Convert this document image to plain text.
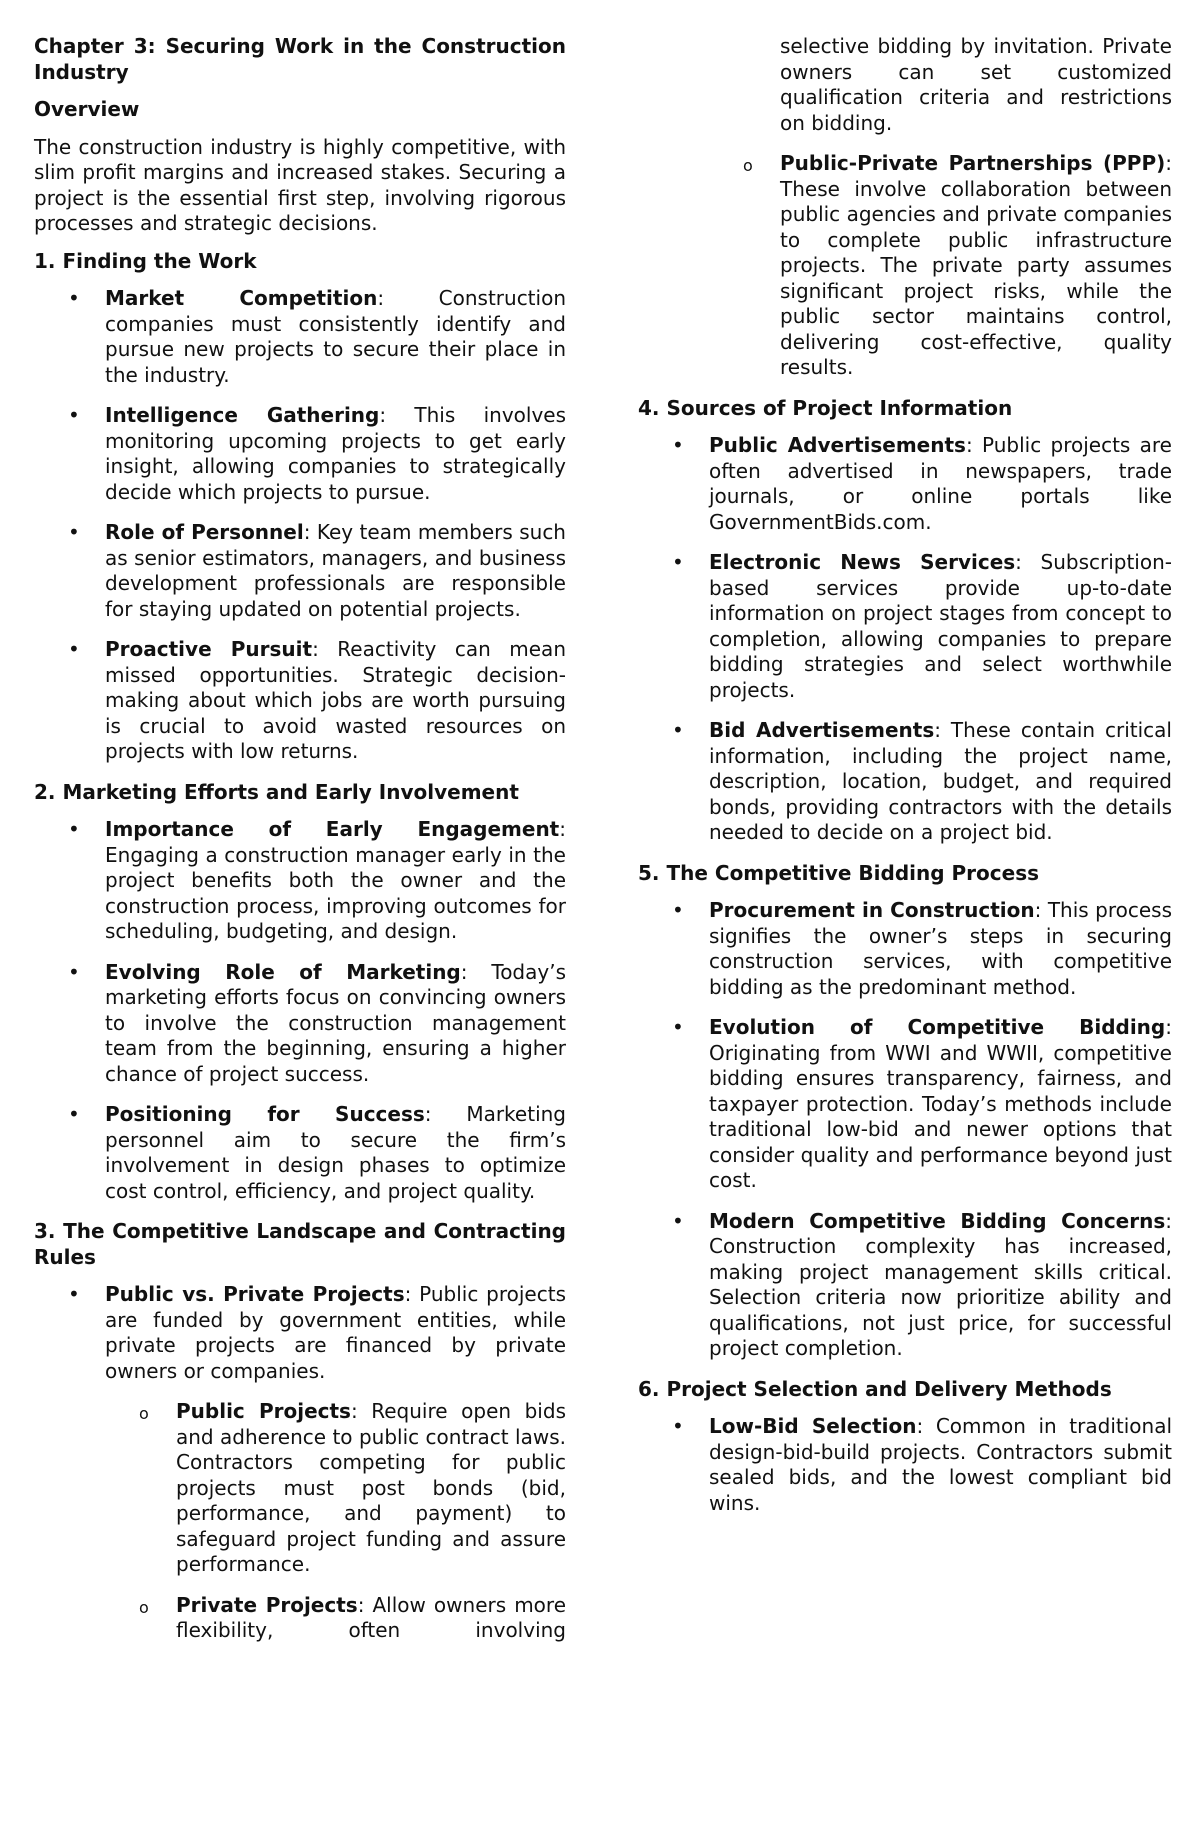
Chapter 3: Securing Work in the Construction Industry
Overview

The construction industry is highly competitive, with slim profit margins and increased stakes. Securing a project is the essential first step, involving rigorous processes and strategic decisions.

1. Finding the Work
• Market Competition: Construction companies must consistently identify and pursue new projects to secure their place in the industry.
• Intelligence Gathering: This involves monitoring upcoming projects to get early insight, allowing companies to strategically decide which projects to pursue.
• Role of Personnel: Key team members such as senior estimators, managers, and business development professionals are responsible for staying updated on potential projects.
• Proactive Pursuit: Reactivity can mean missed opportunities. Strategic decision-making about which jobs are worth pursuing is crucial to avoid wasted resources on projects with low returns.
2. Marketing Efforts and Early Involvement
• Importance of Early Engagement: Engaging a construction manager early in the project benefits both the owner and the construction process, improving outcomes for scheduling, budgeting, and design.
• Evolving Role of Marketing: Today’s marketing efforts focus on convincing owners to involve the construction management team from the beginning, ensuring a higher chance of project success.
• Positioning for Success: Marketing personnel aim to secure the firm’s involvement in design phases to optimize cost control, efficiency, and project quality.
3. The Competitive Landscape and Contracting Rules
• Public vs. Private Projects: Public projects are funded by government entities, while private projects are financed by private owners or companies.
o Public Projects: Require open bids and adherence to public contract laws. Contractors competing for public projects must post bonds (bid, performance, and payment) to safeguard project funding and assure performance.
o Private Projects: Allow owners more flexibility, often involving
selective bidding by invitation. Private owners can set customized qualification criteria and restrictions on bidding.
o Public-Private Partnerships (PPP): These involve collaboration between public agencies and private companies to complete public infrastructure projects. The private party assumes significant project risks, while the public sector maintains control, delivering cost-effective, quality results.
4. Sources of Project Information
• Public Advertisements: Public projects are often advertised in newspapers, trade journals, or online portals like GovernmentBids.com.
• Electronic News Services: Subscription-based services provide up-to-date information on project stages from concept to completion, allowing companies to prepare bidding strategies and select worthwhile projects.
• Bid Advertisements: These contain critical information, including the project name, description, location, budget, and required bonds, providing contractors with the details needed to decide on a project bid.
5. The Competitive Bidding Process
• Procurement in Construction: This process signifies the owner’s steps in securing construction services, with competitive bidding as the predominant method.
• Evolution of Competitive Bidding: Originating from WWI and WWII, competitive bidding ensures transparency, fairness, and taxpayer protection. Today’s methods include traditional low-bid and newer options that consider quality and performance beyond just cost.
• Modern Competitive Bidding Concerns: Construction complexity has increased, making project management skills critical. Selection criteria now prioritize ability and qualifications, not just price, for successful project completion.
6. Project Selection and Delivery Methods
• Low-Bid Selection: Common in traditional design-bid-build projects. Contractors submit sealed bids, and the lowest compliant bid wins.
